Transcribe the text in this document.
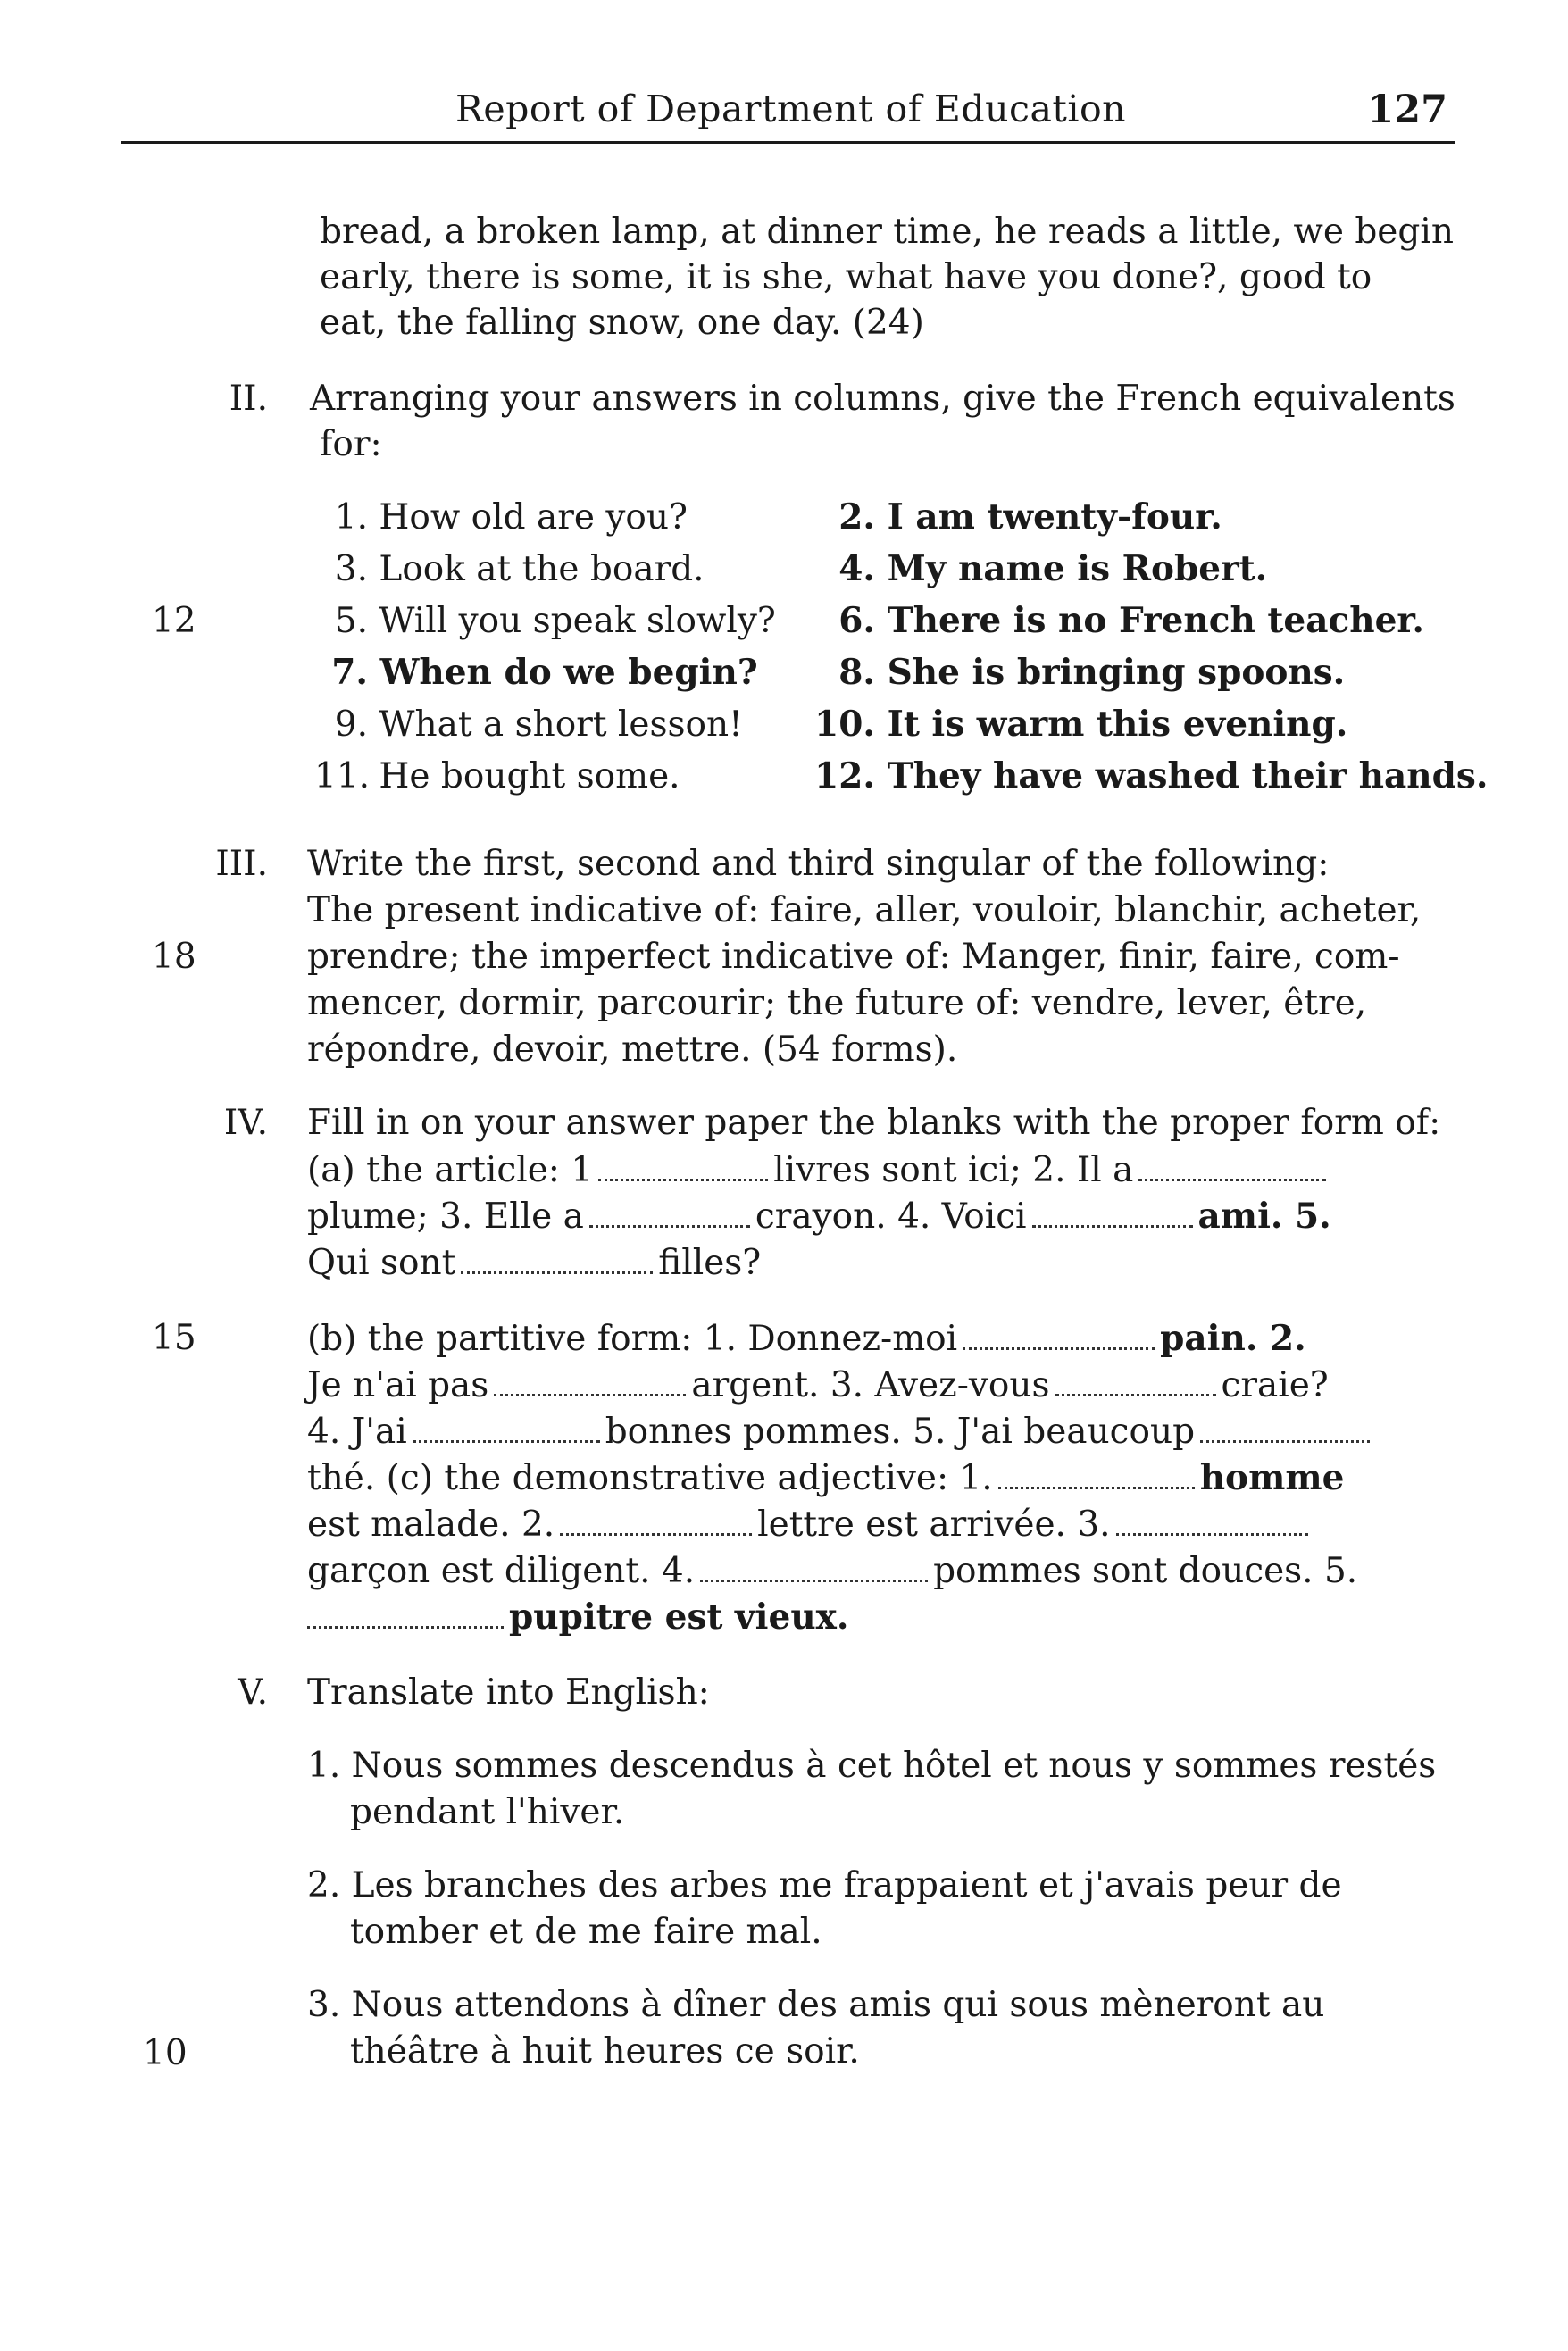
Report of Department of Education	127
bread, a broken lamp, at dinner time, he reads a little, we begin
early, there is some, it is she, what have you done?, good to
eat, the falling snow, one day. (24)
II. Arranging your answers in columns, give the French equivalents
for:
1. How old are you?	2. I am twenty-four.
3. Look at the board.	4. My name is Robert.
12	5. Will you speak slowly?	6. There is no French teacher.
7. When do we begin?	8. She is bringing spoons.
9. What a short lesson!	10. It is warm this evening.
11. He bought some.	12. They have washed their hands.
III. Write the first, second and third singular of the following:
The present indicative of: faire, aller, vouloir, blanchir, acheter,
18	prendre; the imperfect indicative of: Manger, finir, faire, com-
mencer, dormir, parcourir; the future of: vendre, lever, être,
répondre, devoir, mettre. (54 forms).
IV. Fill in on your answer paper the blanks with the proper form of:
(a) the article: 1	livres sont ici; 2. Il a
plume; 3. Elle a	crayon. 4. Voici	ami. 5.
Qui sont	filles?
15	(b) the partitive form: 1. Donnez-moi	pain. 2.
Je n'ai pas	argent. 3. Avez-vous	craie?
4. J'ai	bonnes pommes. 5. J'ai beaucoup
thé. (c) the demonstrative adjective: 1.	homme
est malade. 2.	lettre est arrivée. 3.
garçon est diligent. 4.	pommes sont douces. 5.
pupitre est vieux.
V. Translate into English:
1. Nous sommes descendus à cet hôtel et nous y sommes restés
pendant l'hiver.
2. Les branches des arbes me frappaient et j'avais peur de
tomber et de me faire mal.
3. Nous attendons à dîner des amis qui sous mèneront au
10	théâtre à huit heures ce soir.
